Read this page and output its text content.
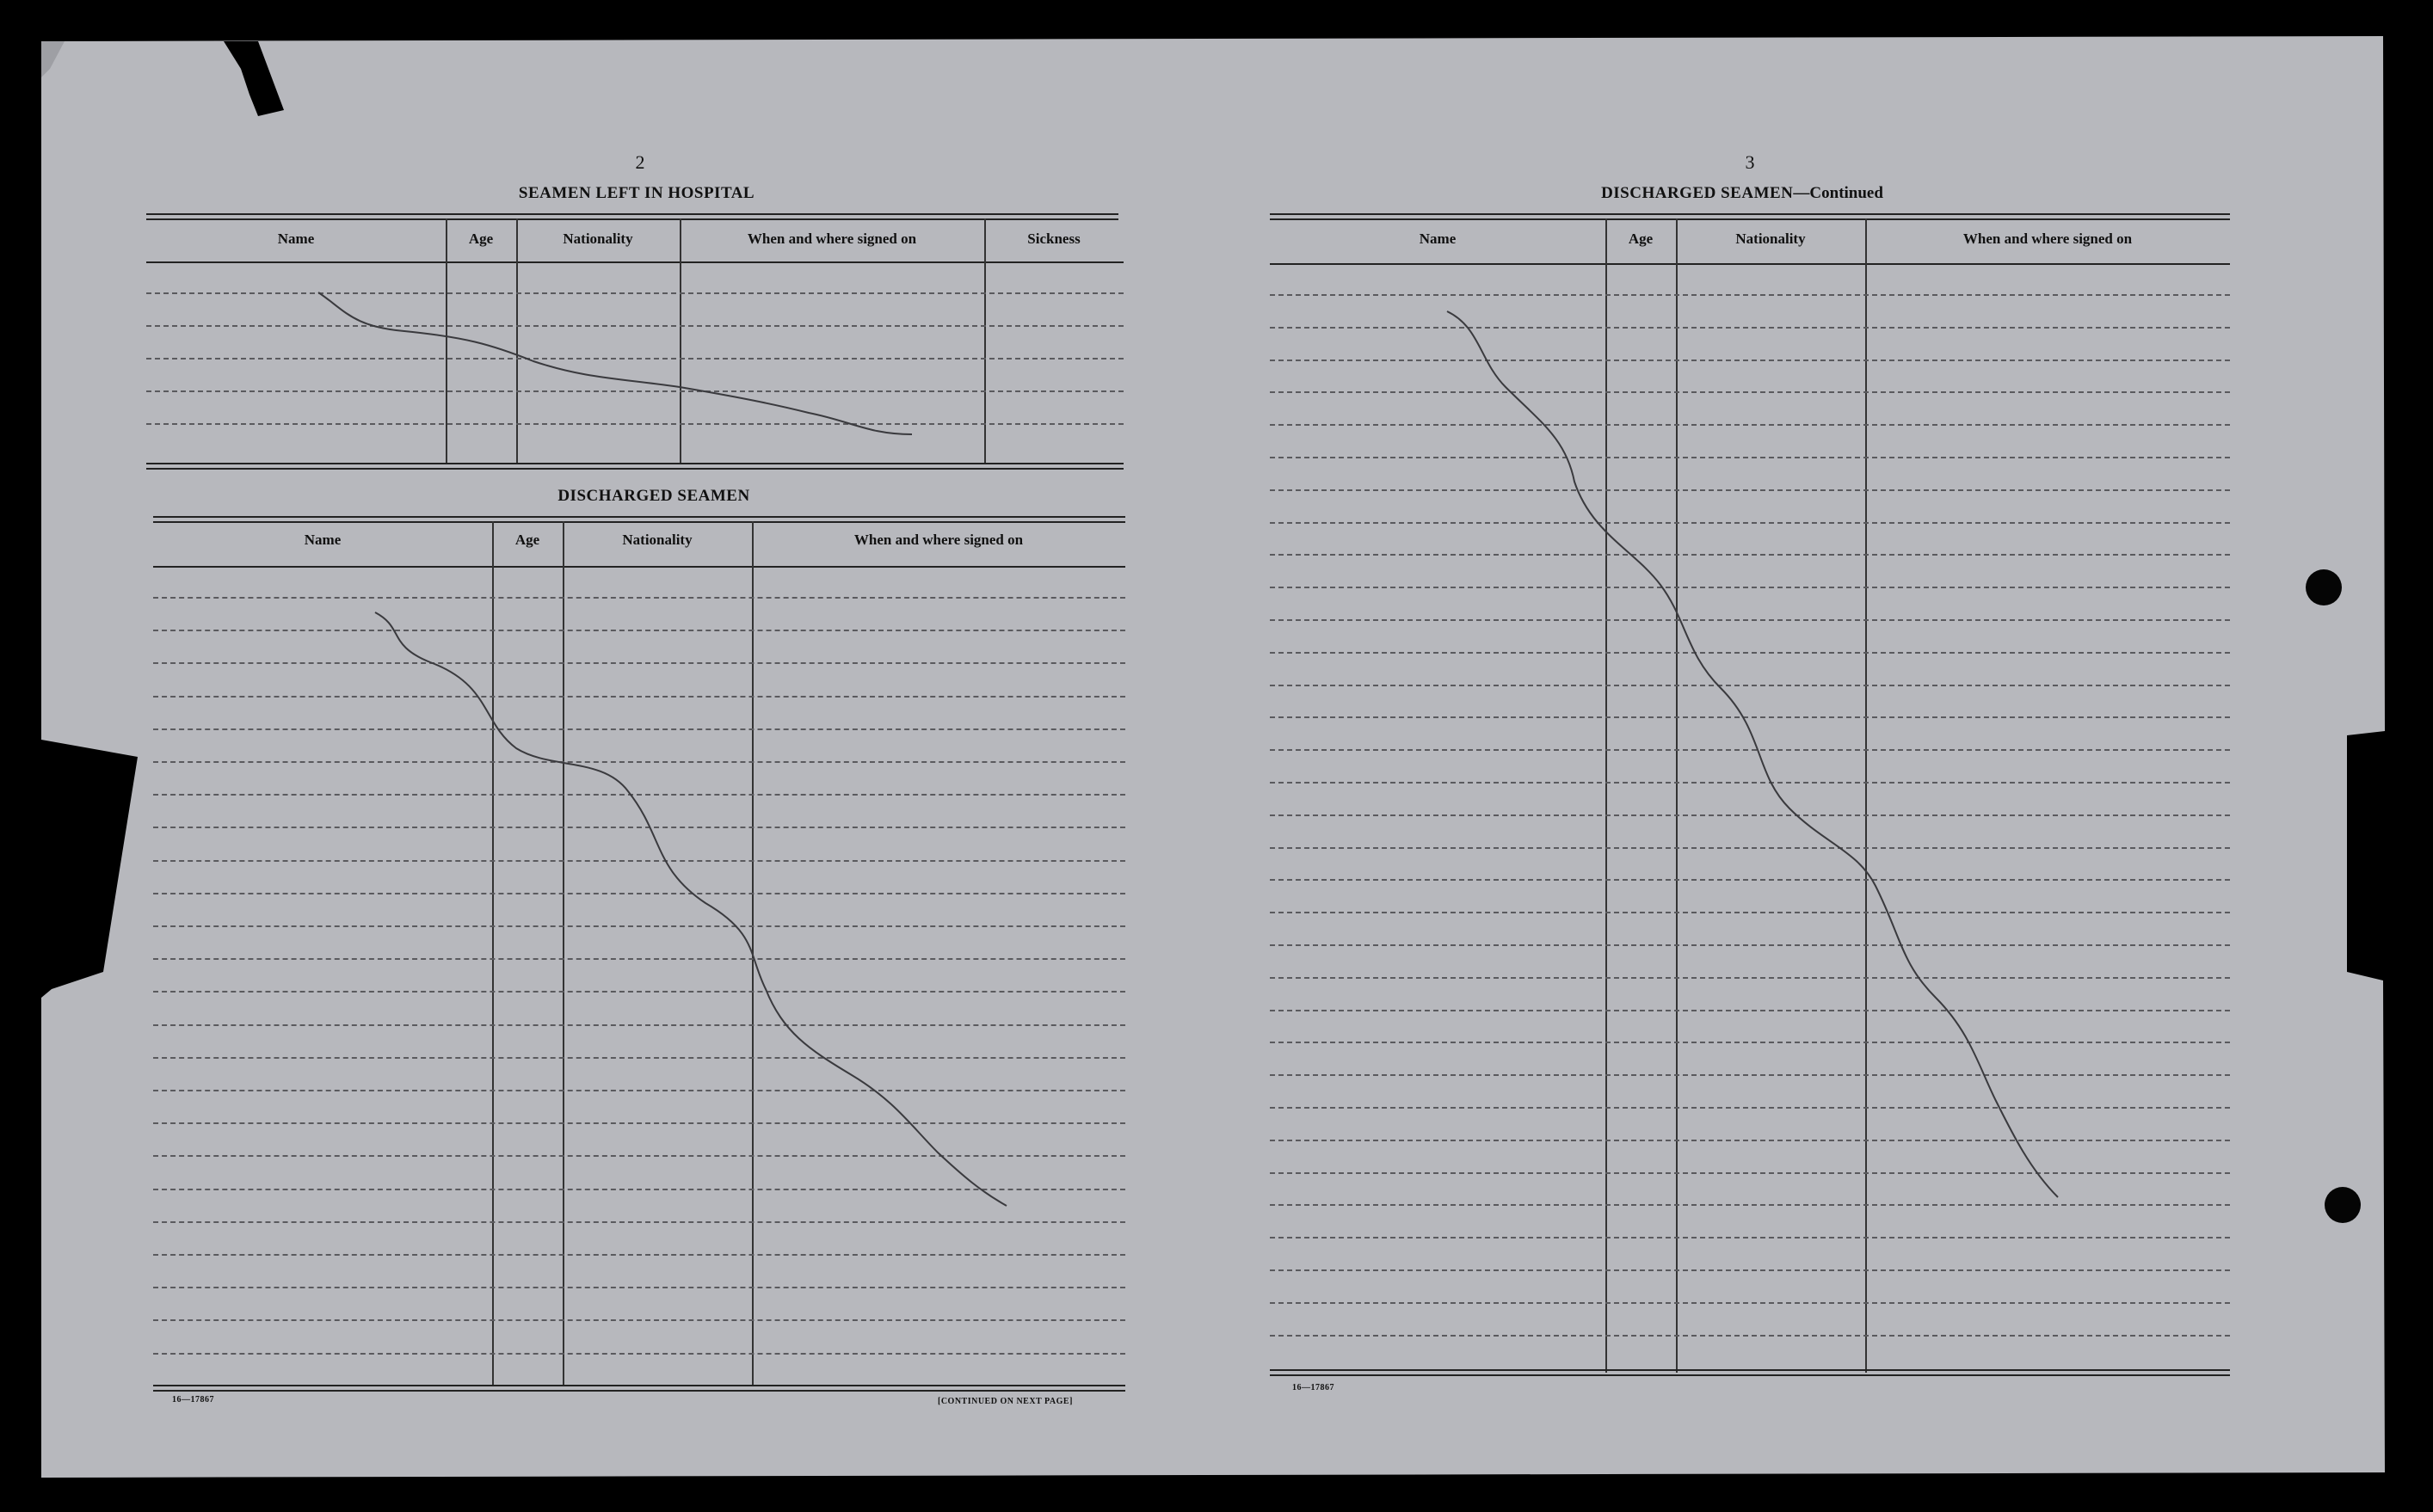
2
SEAMEN LEFT IN HOSPITAL
Name	Age	Nationality	When and where signed on	Sickness
DISCHARGED SEAMEN
Name	Age	Nationality	When and where signed on
16—17867	[CONTINUED ON NEXT PAGE]
3
DISCHARGED SEAMEN—Continued
Name	Age	Nationality	When and where signed on
16—17867
